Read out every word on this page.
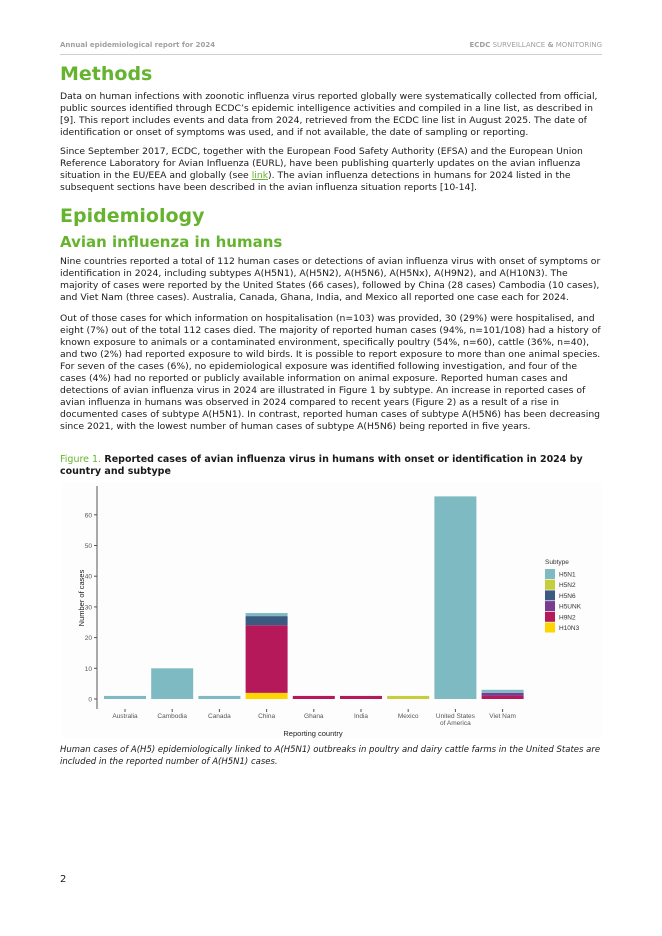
Annual epidemiological report for 2024	ECDC SURVEILLANCE & MONITORING
Methods

Data on human infections with zoonotic influenza virus reported globally were systematically collected from official, public sources identified through ECDC’s epidemic intelligence activities and compiled in a line list, as described in [9]. This report includes events and data from 2024, retrieved from the ECDC line list in August 2025. The date of identification or onset of symptoms was used, and if not available, the date of sampling or reporting.

Since September 2017, ECDC, together with the European Food Safety Authority (EFSA) and the European Union Reference Laboratory for Avian Influenza (EURL), have been publishing quarterly updates on the avian influenza situation in the EU/EEA and globally (see link). The avian influenza detections in humans for 2024 listed in the subsequent sections have been described in the avian influenza situation reports [10-14].

Epidemiology
Avian influenza in humans

Nine countries reported a total of 112 human cases or detections of avian influenza virus with onset of symptoms or identification in 2024, including subtypes A(H5N1), A(H5N2), A(H5N6), A(H5Nx), A(H9N2), and A(H10N3). The majority of cases were reported by the United States (66 cases), followed by China (28 cases) Cambodia (10 cases), and Viet Nam (three cases). Australia, Canada, Ghana, India, and Mexico all reported one case each for 2024.

Out of those cases for which information on hospitalisation (n=103) was provided, 30 (29%) were hospitalised, and eight (7%) out of the total 112 cases died. The majority of reported human cases (94%, n=101/108) had a history of known exposure to animals or a contaminated environment, specifically poultry (54%, n=60), cattle (36%, n=40), and two (2%) had reported exposure to wild birds. It is possible to report exposure to more than one animal species. For seven of the cases (6%), no epidemiological exposure was identified following investigation, and four of the cases (4%) had no reported or publicly available information on animal exposure. Reported human cases and detections of avian influenza virus in 2024 are illustrated in Figure 1 by subtype. An increase in reported cases of avian influenza in humans was observed in 2024 compared to recent years (Figure 2) as a result of a rise in documented cases of subtype A(H5N1). In contrast, reported human cases of subtype A(H5N6) has been decreasing since 2021, with the lowest number of human cases of subtype A(H5N6) being reported in five years.

Figure 1. Reported cases of avian influenza virus in humans with onset or identification in 2024 by country and subtype
0
10
20
30
40
50
60
Number of cases
Australia	Cambodia	Canada	China	Ghana	India	Mexico	United States
of America
Viet Nam
Reporting country
Subtype
H5N1
H5N2
H5N6
H5UNK
H9N2
H10N3
Human cases of A(H5) epidemiologically linked to A(H5N1) outbreaks in poultry and dairy cattle farms in the United States are included in the reported number of A(H5N1) cases.
2
